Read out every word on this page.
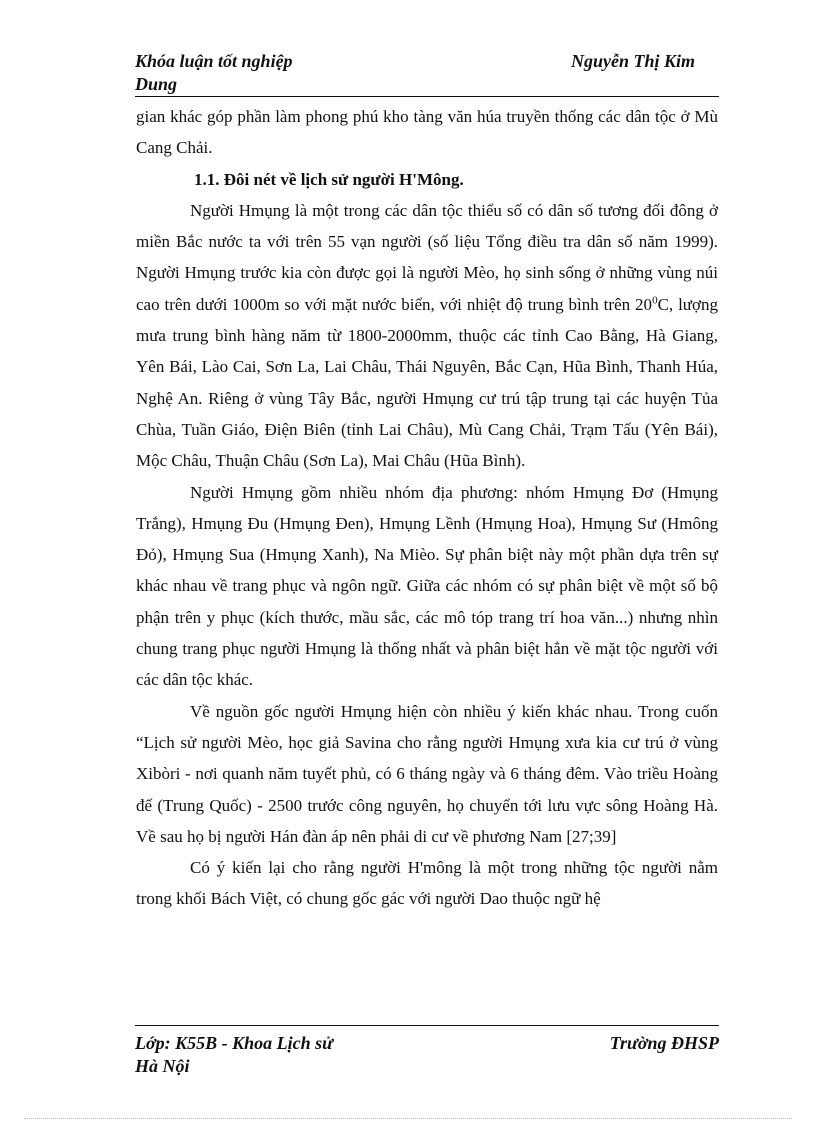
Khóa luận tốt nghiệp	Nguyễn Thị Kim
Dung

gian khác góp phần làm phong phú kho tàng văn húa truyền thống các dân tộc ở Mù Cang Chải.

1.1. Đôi nét về lịch sử người H'Mông.

Người Hmụng là một trong các dân tộc thiểu số có dân số tương đối đông ở miền Bắc nước ta với trên 55 vạn người (số liệu Tổng điều tra dân số năm 1999). Người Hmụng trước kia còn được gọi là người Mèo, họ sinh sống ở những vùng núi cao trên dưới 1000m so với mặt nước biển, với nhiệt độ trung bình trên $20^0C$, lượng mưa trung bình hàng năm từ 1800-2000mm, thuộc các tỉnh Cao Bằng, Hà Giang, Yên Bái, Lào Cai, Sơn La, Lai Châu, Thái Nguyên, Bắc Cạn, Hũa Bình, Thanh Húa, Nghệ An. Riêng ở vùng Tây Bắc, người Hmụng cư trú tập trung tại các huyện Tủa Chùa, Tuần Giáo, Điện Biên (tỉnh Lai Châu), Mù Cang Chải, Trạm Tấu (Yên Bái), Mộc Châu, Thuận Châu (Sơn La), Mai Châu (Hũa Bình).

Người Hmụng gồm nhiều nhóm địa phương: nhóm Hmụng Đơ (Hmụng Trắng), Hmụng Đu (Hmụng Đen), Hmụng Lềnh (Hmụng Hoa), Hmụng Sư (Hmông Đỏ), Hmụng Sua (Hmụng Xanh), Na Mièo. Sự phân biệt này một phần dựa trên sự khác nhau về trang phục và ngôn ngữ. Giữa các nhóm có sự phân biệt về một số bộ phận trên y phục (kích thước, mầu sắc, các mô tóp trang trí hoa văn...) nhưng nhìn chung trang phục người Hmụng là thống nhất và phân biệt hẳn về mặt tộc người với các dân tộc khác.

Về nguồn gốc người Hmụng hiện còn nhiều ý kiến khác nhau. Trong cuốn “Lịch sử người Mèo, học giả Savina cho rằng người Hmụng xưa kia cư trú ở vùng Xibòri - nơi quanh năm tuyết phủ, có 6 tháng ngày và 6 tháng đêm. Vào triều Hoàng đế (Trung Quốc) - 2500 trước công nguyên, họ chuyển tới lưu vực sông Hoàng Hà. Về sau họ bị người Hán đàn áp nên phải di cư về phương Nam [27;39]

Có ý kiến lại cho rằng người H'mông là một trong những tộc người nằm trong khối Bách Việt, có chung gốc gác với người Dao thuộc ngữ hệ

Lớp: K55B - Khoa Lịch sử	Trường ĐHSP
Hà Nội
